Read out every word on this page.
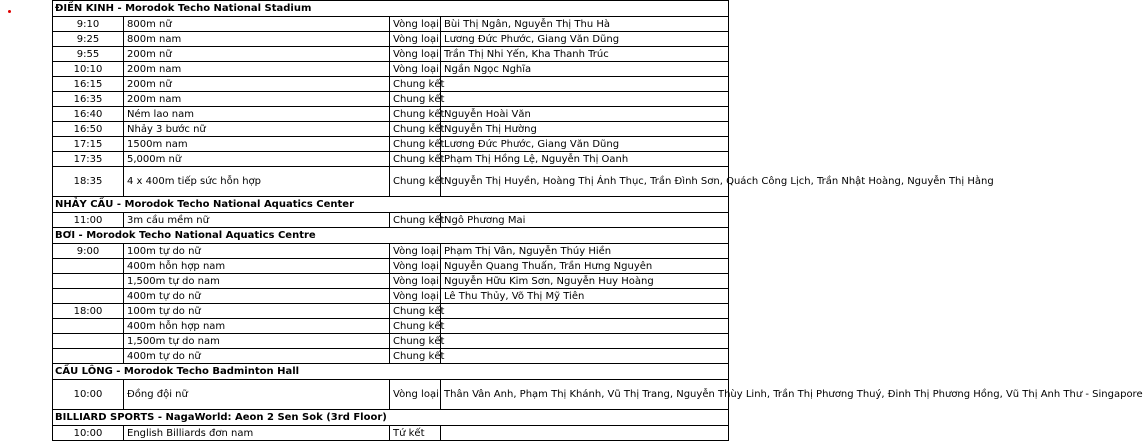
ĐIỀN KINH - Morodok Techo National Stadium			
9:10	800m nữ	Vòng loại	Bùi Thị Ngân, Nguyễn Thị Thu Hà
9:25	800m nam	Vòng loại	Lương Đức Phước, Giang Văn Dũng
9:55	200m nữ	Vòng loại	Trần Thị Nhi Yến, Kha Thanh Trúc
10:10	200m nam	Vòng loại	Ngần Ngọc Nghĩa
16:15	200m nữ	Chung kết	
16:35	200m nam	Chung kết	
16:40	Ném lao nam	Chung kết	Nguyễn Hoài Văn
16:50	Nhảy 3 bước nữ	Chung kết	Nguyễn Thị Hường
17:15	1500m nam	Chung kết	Lương Đức Phước, Giang Văn Dũng
17:35	5,000m nữ	Chung kết	Phạm Thị Hồng Lệ, Nguyễn Thị Oanh
18:35	4 x 400m tiếp sức hỗn hợp	Chung kết	Nguyễn Thị Huyền, Hoàng Thị Ánh Thục, Trần Đình Sơn, Quách Công Lịch, Trần Nhật Hoàng, Nguyễn Thị Hằng
NHẢY CẦU - Morodok Techo National Aquatics Center			
11:00	3m cầu mềm nữ	Chung kết	Ngô Phương Mai
BƠI - Morodok Techo National Aquatics Centre			
9:00	100m tự do nữ	Vòng loại	Phạm Thị Vân, Nguyễn Thúy Hiền
	400m hỗn hợp nam	Vòng loại	Nguyễn Quang Thuấn, Trần Hưng Nguyên
	1,500m tự do nam	Vòng loại	Nguyễn Hữu Kim Sơn, Nguyễn Huy Hoàng
	400m tự do nữ	Vòng loại	Lê Thu Thủy, Võ Thị Mỹ Tiên
18:00	100m tự do nữ	Chung kết	
	400m hỗn hợp nam	Chung kết	
	1,500m tự do nam	Chung kết	
	400m tự do nữ	Chung kết	
CẦU LÔNG - Morodok Techo Badminton Hall			
10:00	Đồng đội nữ	Vòng loại	Thân Vân Anh, Phạm Thị Khánh, Vũ Thị Trang, Nguyễn Thùy Linh, Trần Thị Phương Thuý, Đinh Thị Phương Hồng, Vũ Thị Anh Thư - Singapore
BILLIARD SPORTS - NagaWorld: Aeon 2 Sen Sok (3rd Floor)			
10:00	English Billiards đơn nam	Tứ kết	
